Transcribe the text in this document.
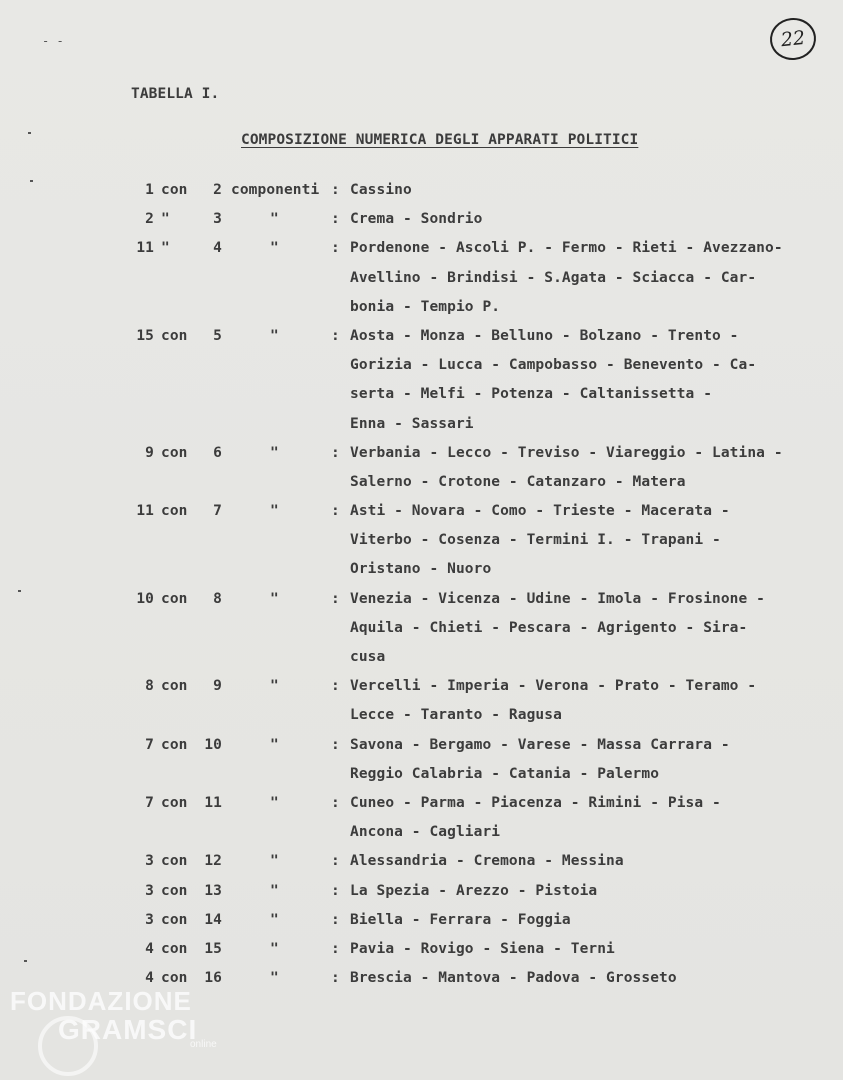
- -	22
TABELLA I.
COMPOSIZIONE NUMERICA DEGLI APPARATI POLITICI
1 con	2 componenti : Cassino
2 "	3	"	: Crema - Sondrio
11 "	4	"	: Pordenone - Ascoli P. - Fermo - Rieti - Avezzano-
Avellino - Brindisi - S.Agata - Sciacca - Car-
bonia - Tempio P.
15 con	5	"	: Aosta - Monza - Belluno - Bolzano - Trento -
Gorizia - Lucca - Campobasso - Benevento - Ca-
serta - Melfi - Potenza - Caltanissetta -
Enna - Sassari
9 con	6	"	: Verbania - Lecco - Treviso - Viareggio - Latina -
Salerno - Crotone - Catanzaro - Matera
11 con	7	"	: Asti - Novara - Como - Trieste - Macerata -
Viterbo - Cosenza - Termini I. - Trapani -
Oristano - Nuoro
10 con	8	"	: Venezia - Vicenza - Udine - Imola - Frosinone -
Aquila - Chieti - Pescara - Agrigento - Sira-
cusa
8 con	9	"	: Vercelli - Imperia - Verona - Prato - Teramo -
Lecce - Taranto - Ragusa
7 con	10	"	: Savona - Bergamo - Varese - Massa Carrara -
Reggio Calabria - Catania - Palermo
7 con	11	"	: Cuneo - Parma - Piacenza - Rimini - Pisa -
Ancona - Cagliari
3 con	12	"	: Alessandria - Cremona - Messina
3 con	13	"	: La Spezia - Arezzo - Pistoia
3 con	14	"	: Biella - Ferrara - Foggia
4 con	15	"	: Pavia - Rovigo - Siena - Terni
4 con	16	"	: Brescia - Mantova - Padova - Grosseto
FONDAZIONE
GRAMSCI
online
